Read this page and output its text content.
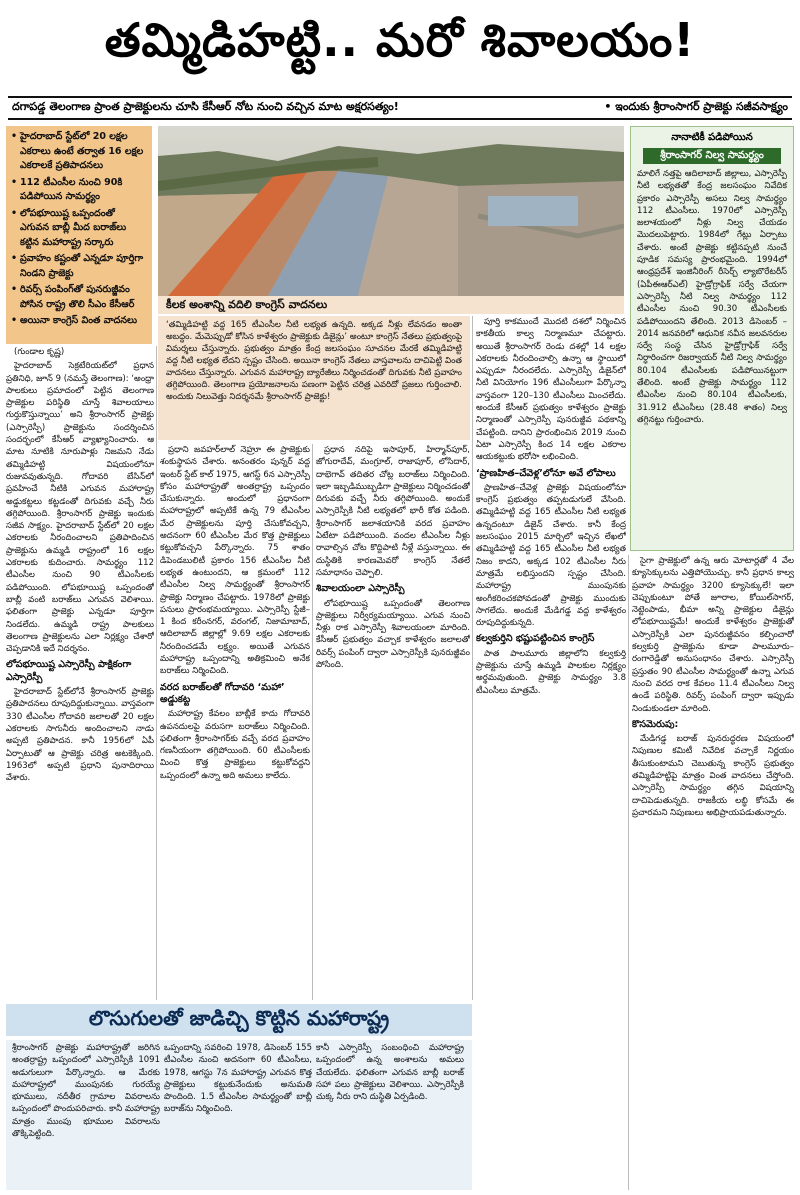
తమ్మిడిహట్టి.. మరో శివాలయం!
దగాపడ్డ తెలంగాణ ప్రాంత ప్రాజెక్టులను చూసి కేసీఆర్ నోట నుంచి వచ్చిన మాట అక్షరసత్యం!	• ఇందుకు శ్రీరాంసాగర్ ప్రాజెక్టు సజీవసాక్ష్యం
• హైదరాబాద్ స్టేట్‌లో 20 లక్షల ఎకరాలు ఉంటే తర్వాత 16 లక్షల ఎకరాలకే ప్రతిపాదనలు
• 112 టీఎంసీల నుంచి 90కి పడిపోయిన సామర్థ్యం
• లోపభూయిష్ట ఒప్పందంతో ఎగువన బాబ్లీ మీద బరాజ్‌లు కట్టిన మహారాష్ట్ర సర్కారు
• ప్రవాహం కష్టంతో ఎన్నడూ పూర్తిగా నిండని ప్రాజెక్టు
• రివర్స్ పంపింగ్‌తో పునరుజ్జీవం పోసిన రాష్ట్ర తొలి సీఎం కేసీఆర్
• అయినా కాంగ్రెస్ వింత వాదనలు
కీలక అంశాన్ని వదిలి కాంగ్రెస్ వాదనలు
‘తమ్మిడిహట్టి వద్ద 165 టీఎంసీల నీటి లభ్యత ఉన్నది. అక్కడ నీళ్లు లేవనడం అంతా అబద్ధం. మేమెప్పుడో కోసిన కాళేశ్వరం ప్రాజెక్టుకు డిజైన్లు’ అంటూ కాంగ్రెస్ నేతలు ప్రభుత్వంపై విమర్శలు చేస్తున్నారు. ప్రభుత్వం మాత్రం కేంద్ర జలసంఘం సూచనల మేరకే తమ్మిడిహట్టి వద్ద నీటి లభ్యత లేదని స్పష్టం చేసింది. అయినా కాంగ్రెస్ నేతలు వాస్తవాలను దాచిపెట్టి వింత వాదనలు చేస్తున్నారు. ఎగువన మహారాష్ట్ర బ్యారేజీలు నిర్మించడంతో దిగువకు నీటి ప్రవాహం తగ్గిపోయింది. తెలంగాణ ప్రయోజనాలను పణంగా పెట్టిన చరిత్ర ఎవరిదో ప్రజలు గుర్తించాలి. అందుకు నిలువెత్తు నిదర్శనమే శ్రీరాంసాగర్ ప్రాజెక్టు!
నానాటికీ పడిపోయిన
శ్రీరాంసాగర్ నిల్వ సామర్థ్యం
మాలిగే నత్తపై ఆదిలాబాద్ జిల్లాలు, ఎస్సారెస్పీ నీటి లభ్యతతో కేంద్ర జలసంఘం నివేదిక ప్రకారం ఎస్సారెస్పీ అసలు నిల్వ సామర్థ్యం 112 టీఎంసీలు. 1970లో ఎస్సారెస్పీ జలాశయంలో నీళ్లు నిల్వ చేయడం మొదలుపెట్టారు. 1984లో గేట్లు ఏర్పాటు చేశారు. అంటే ప్రాజెక్టు కట్టినప్పటి నుంచే పూడిక సమస్య ప్రారంభమైంది. 1994లో ఆంధ్రప్రదేశ్ ఇంజినీరింగ్ రీసెర్చ్ ల్యాబొరేటరీస్ (ఏపీఈఆర్ఎల్) హైడ్రోగ్రాఫిక్ సర్వే చేయగా ఎస్సారెస్పీ నీటి నిల్వ సామర్థ్యం 112 టీఎంసీల నుంచి 90.30 టీఎంసీలకు పడిపోయిందని తేలింది. 2013 డిసెంబర్ – 2014 జనవరిలో ఆధునిక నవీన జలవనరుల సర్వే సంస్థ చేసిన హైడ్రోగ్రాఫిక్ సర్వే నిర్ధారించగా రిజర్వాయర్ నీటి నిల్వ సామర్థ్యం 80.104 టీఎంసీలకు పడిపోయినట్టుగా తేలింది. అంటే ప్రాజెక్టు సామర్థ్యం 112 టీఎంసీల నుంచి 80.104 టీఎంసీలకు, 31.912 టీఎంసీలు (28.48 శాతం) నిల్వ తగ్గినట్టు గుర్తించారు.

(గుండాల కృష్ణ)

హైదరాబాద్ సెక్రటేరియట్‌లో ప్రధాన ప్రతినిధి, జూన్ 9 (నమస్తే తెలంగాణ): ‘అంధ్రా పాలకులు ప్రమాదంలో పెట్టిన తెలంగాణ ప్రాజెక్టుల పరిస్థితి చూస్తే శివాలయాలు గుర్తుకొస్తున్నాయి’ అని శ్రీరాంసాగర్ ప్రాజెక్టు (ఎస్సారెస్పీ) ప్రాజెక్టును సందర్శించిన సందర్భంలో కేసీఆర్ వ్యాఖ్యానించారు. ఆ మాట నూటికి నూరుపాళ్లు నిజమని నేడు తమ్మిడిహట్టి విషయంలోనూ రుజువవుతున్నది. గోదావరి బేసిన్‌లో ప్రవహించే నీటికి ఎగువన మహారాష్ట్ర అడ్డుకట్టలు కట్టడంతో దిగువకు వచ్చే నీరు తగ్గిపోయింది. శ్రీరాంసాగర్ ప్రాజెక్టు ఇందుకు సజీవ సాక్ష్యం. హైదరాబాద్ స్టేట్‌లో 20 లక్షల ఎకరాలకు నీరందించాలని ప్రతిపాదించిన ప్రాజెక్టును ఉమ్మడి రాష్ట్రంలో 16 లక్షల ఎకరాలకు కుదించారు. సామర్థ్యం 112 టీఎంసీల నుంచి 90 టీఎంసీలకు పడిపోయింది. లోపభూయిష్ట ఒప్పందంతో బాబ్లీ వంటి బరాజ్‌లు ఎగువన వెలిశాయి. ఫలితంగా ప్రాజెక్టు ఎన్నడూ పూర్తిగా నిండలేదు. ఉమ్మడి రాష్ట్ర పాలకులు తెలంగాణ ప్రాజెక్టులను ఎలా నిర్లక్ష్యం చేశారో చెప్పడానికి ఇదే నిదర్శనం.

లోపభూయిష్ట ఎస్సారెస్పీ పాక్షికంగా ఎస్సారెస్పీ

హైదరాబాద్ స్టేట్‌లోనే శ్రీరాంసాగర్ ప్రాజెక్టు ప్రతిపాదనలు రూపుదిద్దుకున్నాయి. వాస్తవంగా 330 టీఎంసీల గోదావరి జలాలతో 20 లక్షల ఎకరాలకు సాగునీరు అందించాలని నాడు అప్పటి ప్రతిపాదన. కానీ 1956లో ఏపీ ఏర్పాటుతో ఆ ప్రాజెక్టు చరిత్ర అటకెక్కింది. 1963లో అప్పటి ప్రధాని పునాదిరాయి వేశారు.

ప్రధాని జవహర్‌లాల్ నెహ్రూ ఈ ప్రాజెక్టుకు శంకుస్థాపన చేశారు. అనంతరం పున్నర్ వద్ద ఇంటర్ స్టేట్ కాల్ 1975, ఆగస్ట్ 6న ఎస్సారెస్పీ కోసం మహారాష్ట్రతో అంతర్రాష్ట్ర ఒప్పందం చేసుకున్నారు. అందులో ప్రధానంగా మహారాష్ట్రలో అప్పటికే ఉన్న 79 టీఎంసీల మేర ప్రాజెక్టులను పూర్తి చేసుకోవచ్చని, అదనంగా 60 టీఎంసీల మేర కొత్త ప్రాజెక్టులు కట్టుకోవచ్చని పేర్కొన్నారు. 75 శాతం డిపెండబులిటీ ప్రకారం 156 టీఎంసీల నీటి లభ్యత ఉంటుందని, ఆ క్రమంలో 112 టీఎంసీల నిల్వ సామర్థ్యంతో శ్రీరాంసాగర్ ప్రాజెక్టు నిర్మాణం చేపట్టారు. 1978లో ప్రాజెక్టు పనులు ప్రారంభమయ్యాయి. ఎస్సారెస్పీ స్టేజీ–1 కింద కరీంనగర్, వరంగల్, నిజామాబాద్, ఆదిలాబాద్ జిల్లాల్లో 9.69 లక్షల ఎకరాలకు నీరందించడమే లక్ష్యం. అయితే ఎగువన మహారాష్ట్ర ఒప్పందాన్ని అతిక్రమించి అనేక బరాజ్‌లు నిర్మించింది.

వరద బరాజ్‌లతో గోదావరి ‘మహా’ అడ్డుకట్ట

మహారాష్ట్ర కేవలం బాబ్లీకే కాదు గోదావరి ఉపనదులపై వరుసగా బరాజ్‌లు నిర్మించింది. ఫలితంగా శ్రీరాంసాగర్‌కు వచ్చే వరద ప్రవాహం గణనీయంగా తగ్గిపోయింది. 60 టీఎంసీలకు మించి కొత్త ప్రాజెక్టులు కట్టుకోవద్దని ఒప్పందంలో ఉన్నా అది అమలు కాలేదు.

ప్రధాన నదిపై ఇసాపూర్, హిర్మాన్‌పూర్, జోగురాదేవ్, మంగ్రూల్, రాజాపూర్, లోసిదార్, దాభెగావ్ తదితర చోట్ల బరాజ్‌లు నిర్మించింది. ఇలా ఇబ్బడిముబ్బడిగా ప్రాజెక్టులు నిర్మించడంతో దిగువకు వచ్చే నీరు తగ్గిపోయింది. అందుకే ఎస్సారెస్పీకి నీటి లభ్యతలో భారీ కోత పడింది. శ్రీరాంసాగర్ జలాశయానికి వరద ప్రవాహం ఏటేటా పడిపోయింది. వందల టీఎంసీల నీళ్లు రావాల్సిన చోట కొద్దిపాటి నీళ్లే వస్తున్నాయి. ఈ దుస్థితికి కారణమెవరో కాంగ్రెస్ నేతలే సమాధానం చెప్పాలి.

శివాలయంలా ఎస్సారెస్పీ

లోపభూయిష్ట ఒప్పందంతో తెలంగాణ ప్రాజెక్టులు నిర్వీర్యమయ్యాయి. ఎగువ నుంచి నీళ్లు రాక ఎస్సారెస్పీ శివాలయంలా మారింది. కేసీఆర్ ప్రభుత్వం వచ్చాక కాళేశ్వరం జలాలతో రివర్స్ పంపింగ్ ద్వారా ఎస్సారెస్పీకి పునరుజ్జీవం పోసింది.

పూర్తి కాకముందే మొదటి దశలో నిర్మించిన కాకతీయ కాల్వ నిర్మాణమూ చేపట్టారు. అయితే శ్రీరాంసాగర్ రెండు దశల్లో 14 లక్షల ఎకరాలకు నీరందించాల్సి ఉన్నా ఆ స్థాయిలో ఎప్పుడూ నీరందలేదు. ఎస్సారెస్పీ డిజైన్‌లో నీటి వినియోగం 196 టీఎంసీలుగా పేర్కొన్నా వాస్తవంగా 120–130 టీఎంసీలు మించలేదు. అందుకే కేసీఆర్ ప్రభుత్వం కాళేశ్వరం ప్రాజెక్టు నిర్మాణంతో ఎస్సారెస్పీ పునరుజ్జీవ పథకాన్ని చేపట్టింది. దానిని ప్రారంభించిన 2019 నుంచి ఏటా ఎస్సారెస్పీ కింద 14 లక్షల ఎకరాల ఆయకట్టుకు భరోసా లభించింది.

‘ప్రాణహిత–చేవెళ్ల’లోనూ అవే లోపాలు

ప్రాణహిత–చేవెళ్ల ప్రాజెక్టు విషయంలోనూ కాంగ్రెస్ ప్రభుత్వం తప్పటడుగులే వేసింది. తమ్మిడిహట్టి వద్ద 165 టీఎంసీల నీటి లభ్యత ఉన్నదంటూ డిజైన్ చేశారు. కానీ కేంద్ర జలసంఘం 2015 మార్చిలో ఇచ్చిన లేఖలో తమ్మిడిహట్టి వద్ద 165 టీఎంసీల నీటి లభ్యత నిజం కాదని, అక్కడ 102 టీఎంసీల నీరు మాత్రమే లభిస్తుందని స్పష్టం చేసింది. మహారాష్ట్ర ముంపునకు అంగీకరించకపోవడంతో ప్రాజెక్టు ముందుకు సాగలేదు. అందుకే మేడిగడ్డ వద్ద కాళేశ్వరం రూపుదిద్దుకున్నది.

కల్వకుర్తిని భష్టుపట్టించిన కాంగ్రెస్

పాత పాలమూరు జిల్లాలోని కల్వకుర్తి ప్రాజెక్టును చూస్తే ఉమ్మడి పాలకుల నిర్లక్ష్యం అర్థమవుతుంది. ప్రాజెక్టు సామర్థ్యం 3.8 టీఎంసీలు మాత్రమే.

సైగా ప్రాజెక్టులో ఉన్న ఆరు మోటార్లతో 4 వేల క్యూసెక్కులను ఎత్తిపోయొచ్చు. కానీ ప్రధాన కాల్వ ప్రవాహ సామర్థ్యం 3200 క్యూసెక్కులే! ఇలా చెప్పుకుంటూ పోతే జూరాల, కోయిల్‌సాగర్, నెట్టెంపాడు, భీమా అన్ని ప్రాజెక్టుల డిజైన్లు లోపభూయిష్టమే! అందుకే కాళేశ్వరం ప్రాజెక్టుతో ఎస్సారెస్పీకి ఎలా పునరుజ్జీవనం కల్పించారో కల్వకుర్తి ప్రాజెక్టును కూడా పాలమూరు–రంగారెడ్డితో అనుసంధానం చేశారు. ఎస్సారెస్పీ ప్రస్తుతం 90 టీఎంసీల సామర్థ్యంతో ఉన్నా ఎగువ నుంచి వరద రాక కేవలం 11.4 టీఎంసీలు నిల్వ ఉండే పరిస్థితి. రివర్స్ పంపింగ్ ద్వారా ఇప్పుడు నిండుకుండలా మారింది.

కొసమెరుపు:

మేడిగడ్డ బరాజ్ పునరుద్ధరణ విషయంలో నిపుణుల కమిటీ నివేదిక వచ్చాకే నిర్ణయం తీసుకుంటామని చెబుతున్న కాంగ్రెస్ ప్రభుత్వం తమ్మిడిహట్టిపై మాత్రం వింత వాదనలు చేస్తోంది. ఎస్సారెస్పీ సామర్థ్యం తగ్గిన విషయాన్ని దాచిపెడుతున్నది. రాజకీయ లబ్ధి కోసమే ఈ ప్రచారమని నిపుణులు అభిప్రాయపడుతున్నారు.

లొసుగులతో జాడిచ్చి కొట్టిన మహారాష్ట్ర
శ్రీరాంసాగర్ ప్రాజెక్టు మహారాష్ట్రతో జరిగిన అంతర్రాష్ట్ర ఒప్పందంలో ఎస్సారెస్పీకి 1091 అడుగులుగా పేర్కొన్నారు. ఆ మేరకు మహారాష్ట్రలో ముంపునకు గురయ్యే భూములు, నదీతీర గ్రామాల వివరాలను ఒప్పందంలో పొందుపరిచారు. కానీ మహారాష్ట్ర మాత్రం ముంపు భూముల వివరాలను తొక్కిపెట్టింది.ఒప్పందాన్ని సవరించి 1978, డిసెంబర్ 155 టీఎంసీల నుంచి అదనంగా 60 టీఎంసీలు, 1978, ఆగస్టు 7న మహారాష్ట్ర ఎగువన కొత్త ప్రాజెక్టులు కట్టుకునేందుకు అనుమతి పొందింది. 1.5 టీఎంసీల సామర్థ్యంతో బాబ్లీ బరాజ్‌ను నిర్మించింది.కానీ ఎస్సారెస్పీ సంబంధించి మహారాష్ట్ర ఒప్పందంలో ఉన్న అంశాలను అమలు చేయలేదు. ఫలితంగా ఎగువన బాబ్లీ బరాజ్ సహా పలు ప్రాజెక్టులు వెలిశాయి. ఎస్సారెస్పీకి చుక్క నీరు రాని దుస్థితి ఏర్పడింది.
